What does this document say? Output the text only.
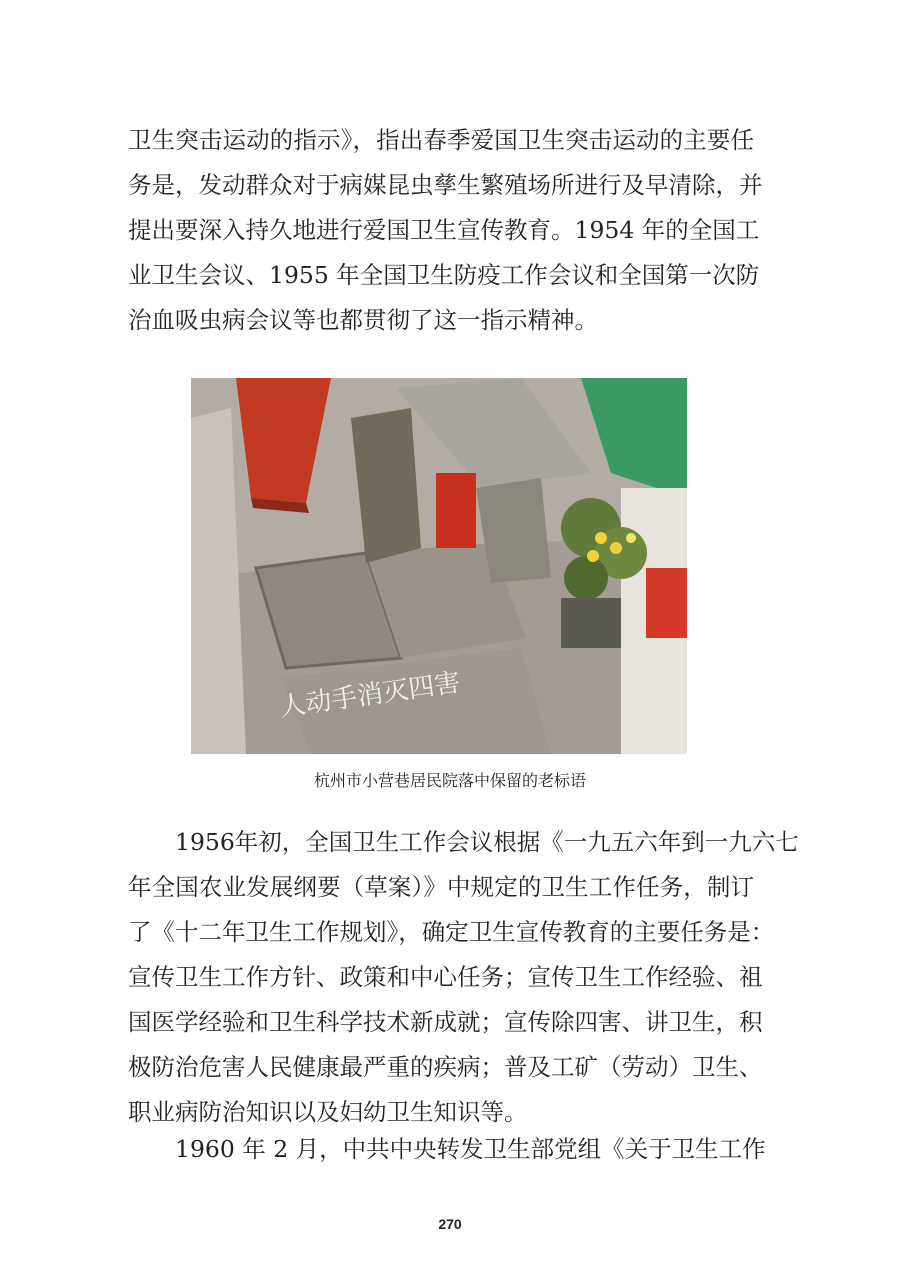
卫生突击运动的指示》，指出春季爱国卫生突击运动的主要任
务是，发动群众对于病媒昆虫孳生繁殖场所进行及早清除，并
提出要深入持久地进行爱国卫生宣传教育。1954 年的全国工
业卫生会议、1955 年全国卫生防疫工作会议和全国第一次防
治血吸虫病会议等也都贯彻了这一指示精神。

人动手消灭四害
杭州市小营巷居民院落中保留的老标语

1956年初，全国卫生工作会议根据《一九五六年到一九六七
年全国农业发展纲要（草案）》中规定的卫生工作任务，制订
了《十二年卫生工作规划》，确定卫生宣传教育的主要任务是：
宣传卫生工作方针、政策和中心任务；宣传卫生工作经验、祖
国医学经验和卫生科学技术新成就；宣传除四害、讲卫生，积
极防治危害人民健康最严重的疾病；普及工矿（劳动）卫生、
职业病防治知识以及妇幼卫生知识等。

1960 年 2 月，中共中央转发卫生部党组《关于卫生工作

270
